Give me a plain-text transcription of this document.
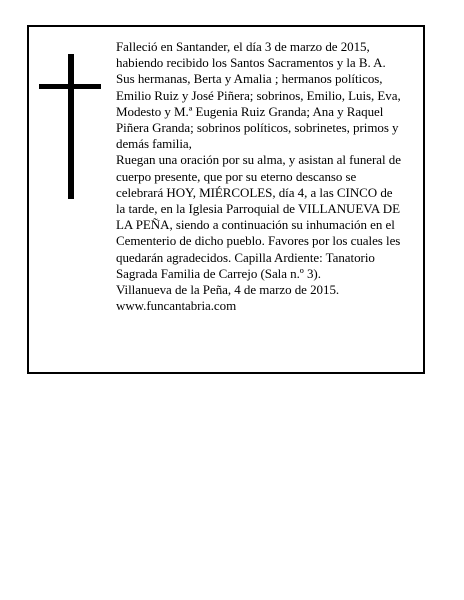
Falleció en Santander, el día 3 de marzo de 2015,
habiendo recibido los Santos Sacramentos y la B. A.
Sus hermanas, Berta y Amalia ; hermanos políticos,
Emilio Ruiz y José Piñera; sobrinos, Emilio, Luis, Eva,
Modesto y M.ª Eugenia Ruiz Granda; Ana y Raquel
Piñera Granda; sobrinos políticos, sobrinetes, primos y
demás familia,
Ruegan una oración por su alma, y asistan al funeral de
cuerpo presente, que por su eterno descanso se
celebrará HOY, MIÉRCOLES, día 4, a las CINCO de
la tarde, en la Iglesia Parroquial de VILLANUEVA DE
LA PEÑA, siendo a continuación su inhumación en el
Cementerio de dicho pueblo. Favores por los cuales les
quedarán agradecidos. Capilla Ardiente: Tanatorio
Sagrada Familia de Carrejo (Sala n.º 3).
Villanueva de la Peña, 4 de marzo de 2015.
www.funcantabria.com
